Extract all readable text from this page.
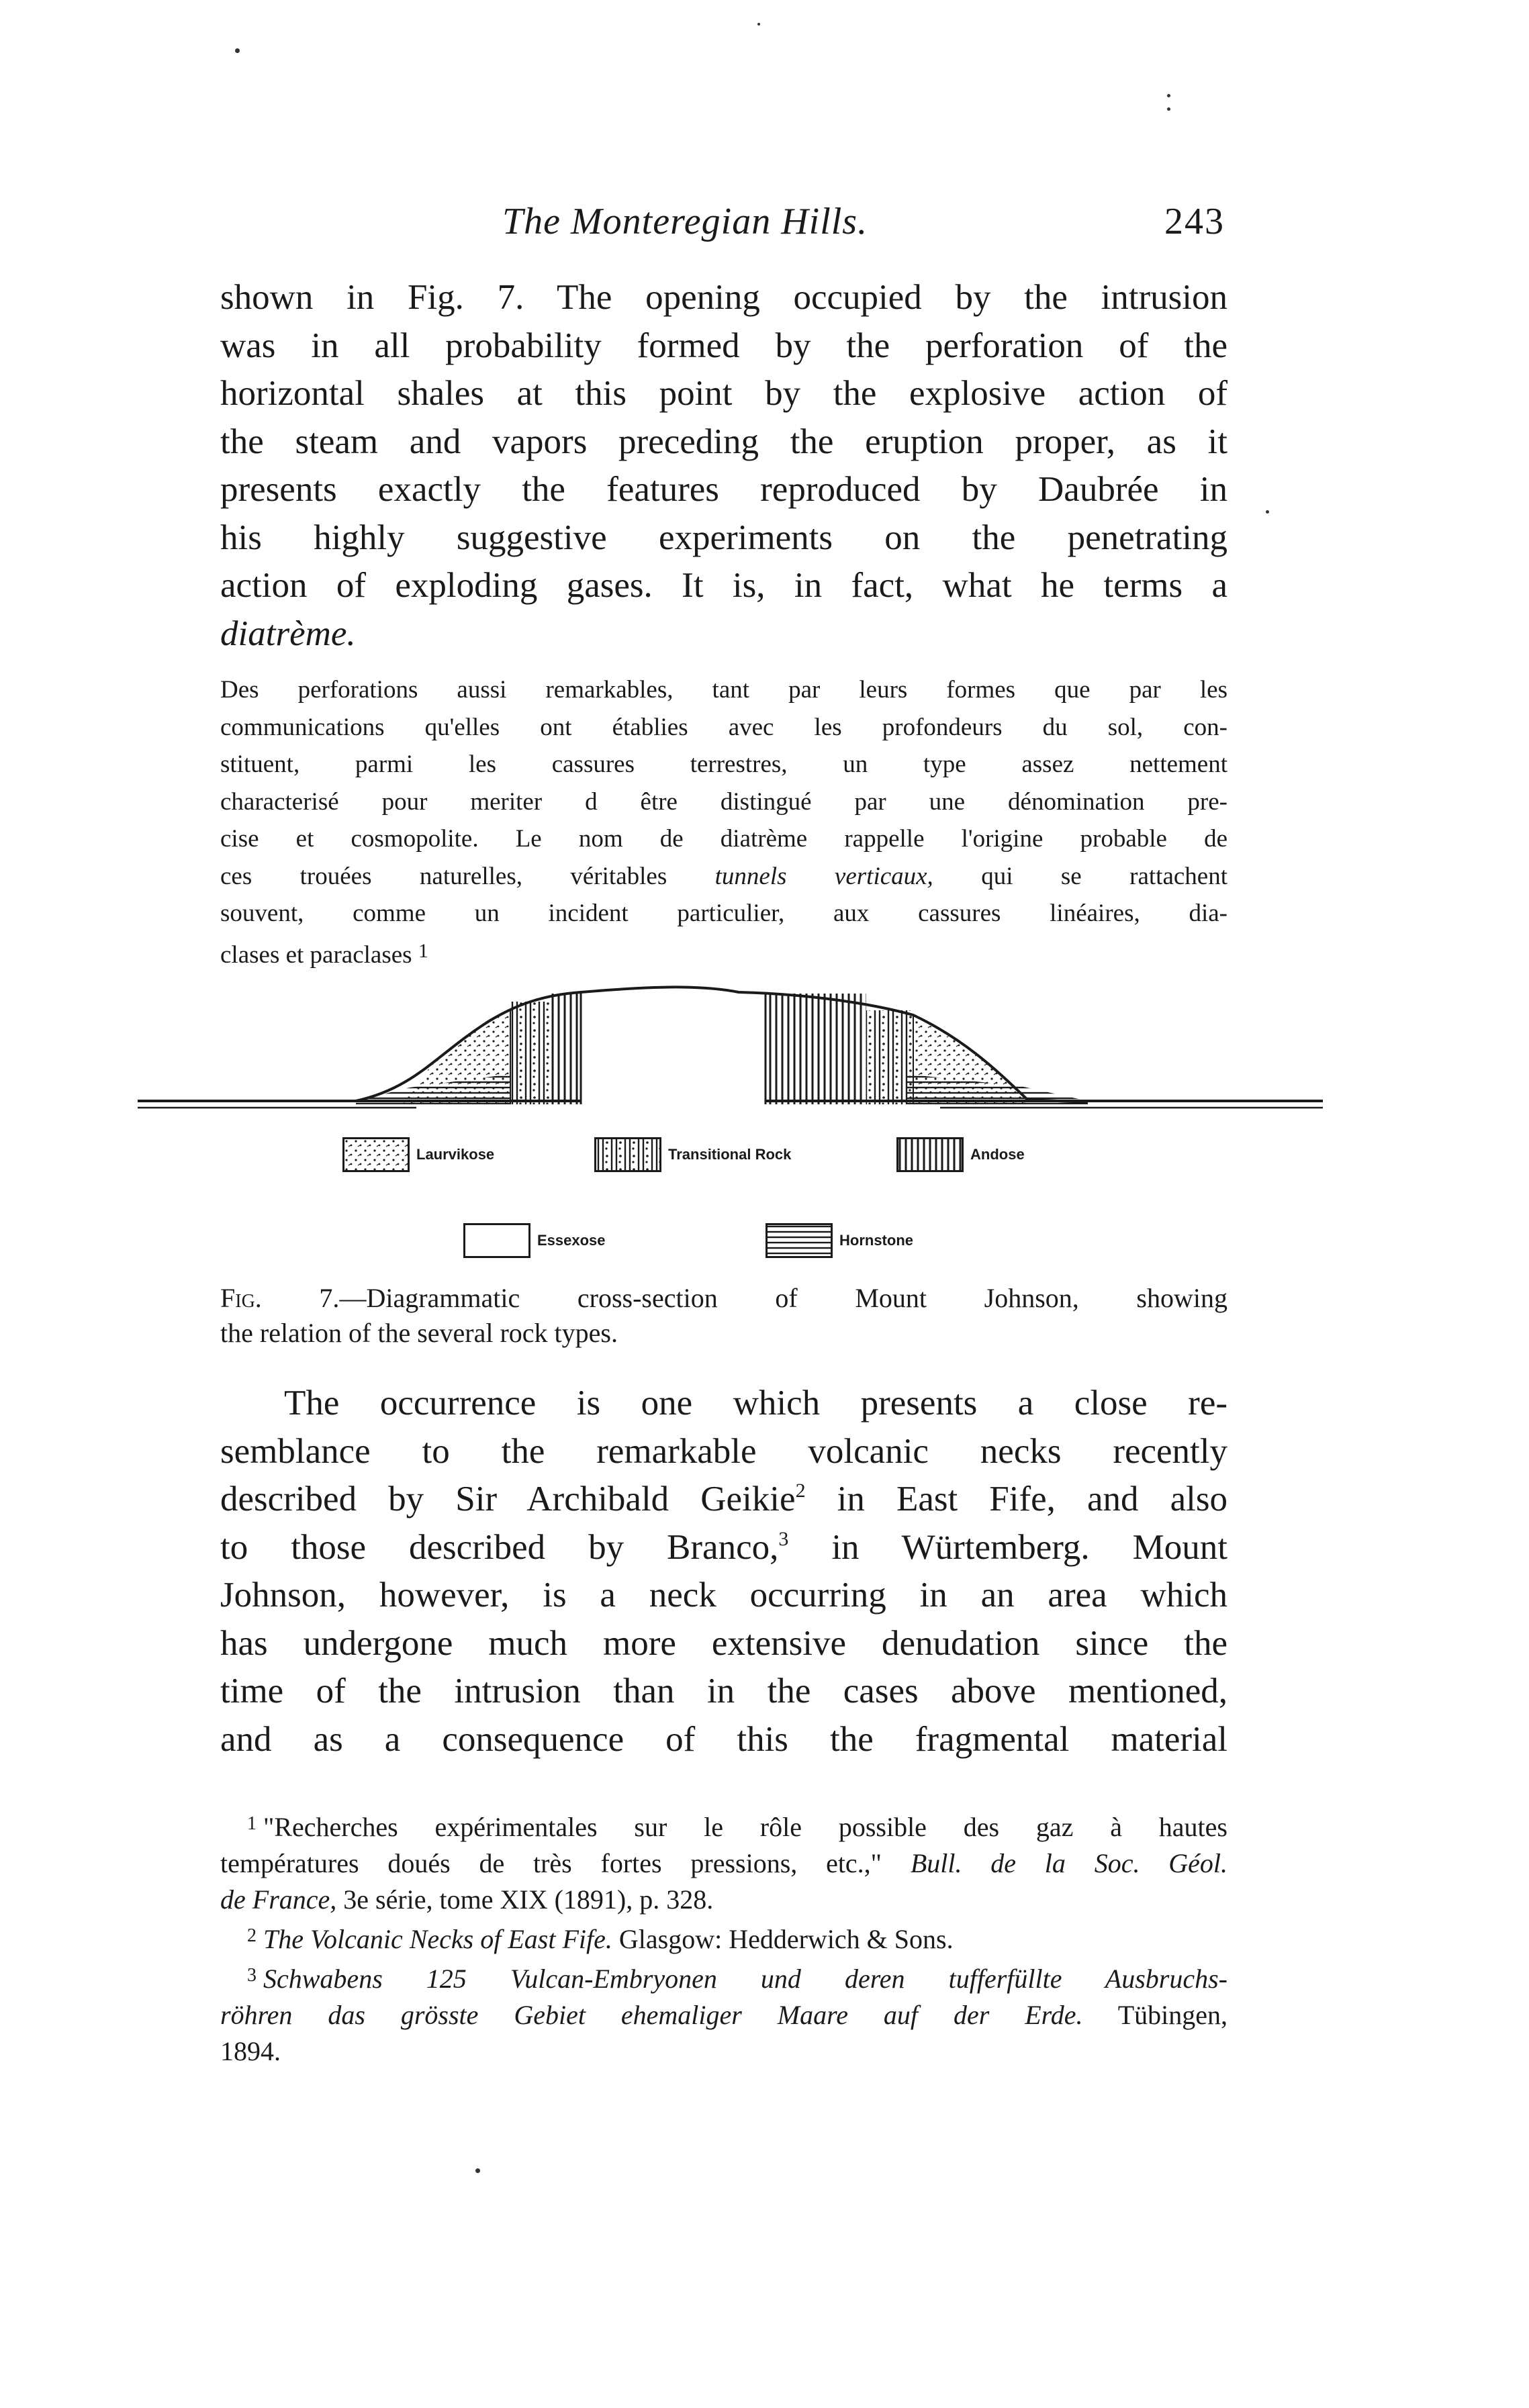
The Monteregian Hills.	243
shown in Fig. 7. The opening occupied by the intrusion
was in all probability formed by the perforation of the
horizontal shales at this point by the explosive action of
the steam and vapors preceding the eruption proper, as it
presents exactly the features reproduced by Daubrée in
his highly suggestive experiments on the penetrating
action of exploding gases. It is, in fact, what he terms a
diatrème.
Des perforations aussi remarkables, tant par leurs formes que par les
communications qu'elles ont établies avec les profondeurs du sol, con-
stituent, parmi les cassures terrestres, un type assez nettement
characterisé pour meriter d être distingué par une dénomination pre-
cise et cosmopolite. Le nom de diatrème rappelle l'origine probable de
ces trouées naturelles, véritables tunnels verticaux, qui se rattachent
souvent, comme un incident particulier, aux cassures linéaires, dia-
clases et paraclases $^1$
Laurvikose	Transitional Rock	Andose
Essexose	Hornstone
Fig. 7.—Diagrammatic cross-section of Mount Johnson, showing
the relation of the several rock types.
The occurrence is one which presents a close re-
semblance to the remarkable volcanic necks recently
described by Sir Archibald Geikie$^2$ in East Fife, and also
to those described by Branco,$^3$ in Würtemberg. Mount
Johnson, however, is a neck occurring in an area which
has undergone much more extensive denudation since the
time of the intrusion than in the cases above mentioned,
and as a consequence of this the fragmental material
$^1$ "Recherches expérimentales sur le rôle possible des gaz à hautes
températures doués de très fortes pressions, etc.," Bull. de la Soc. Géol.
de France, 3e série, tome XIX (1891), p. 328.
$^2$ The Volcanic Necks of East Fife. Glasgow: Hedderwich & Sons.
$^3$ Schwabens 125 Vulcan-Embryonen und deren tufferfüllte Ausbruchs-
röhren das grösste Gebiet ehemaliger Maare auf der Erde. Tübingen,
1894.
